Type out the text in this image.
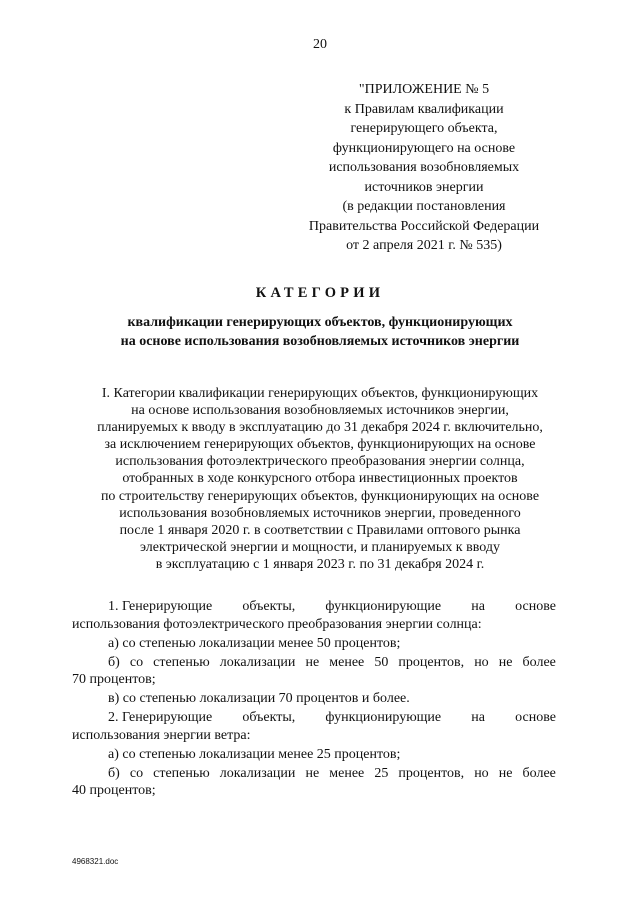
20
"ПРИЛОЖЕНИЕ № 5
к Правилам квалификации
генерирующего объекта,
функционирующего на основе
использования возобновляемых
источников энергии
(в редакции постановления
Правительства Российской Федерации
от 2 апреля 2021 г. № 535)
КАТЕГОРИИ
квалификации генерирующих объектов, функционирующих
на основе использования возобновляемых источников энергии
I. Категории квалификации генерирующих объектов, функционирующих
на основе использования возобновляемых источников энергии,
планируемых к вводу в эксплуатацию до 31 декабря 2024 г. включительно,
за исключением генерирующих объектов, функционирующих на основе
использования фотоэлектрического преобразования энергии солнца,
отобранных в ходе конкурсного отбора инвестиционных проектов
по строительству генерирующих объектов, функционирующих на основе
использования возобновляемых источников энергии, проведенного
после 1 января 2020 г. в соответствии с Правилами оптового рынка
электрической энергии и мощности, и планируемых к вводу
в эксплуатацию с 1 января 2023 г. по 31 декабря 2024 г.
1. Генерирующие объекты, функционирующие на основе
использования фотоэлектрического преобразования энергии солнца:
а) со степенью локализации менее 50 процентов;
б) со степенью локализации не менее 50 процентов, но не более
70 процентов;
в) со степенью локализации 70 процентов и более.
2. Генерирующие объекты, функционирующие на основе
использования энергии ветра:
а) со степенью локализации менее 25 процентов;
б) со степенью локализации не менее 25 процентов, но не более
40 процентов;
4968321.doc
